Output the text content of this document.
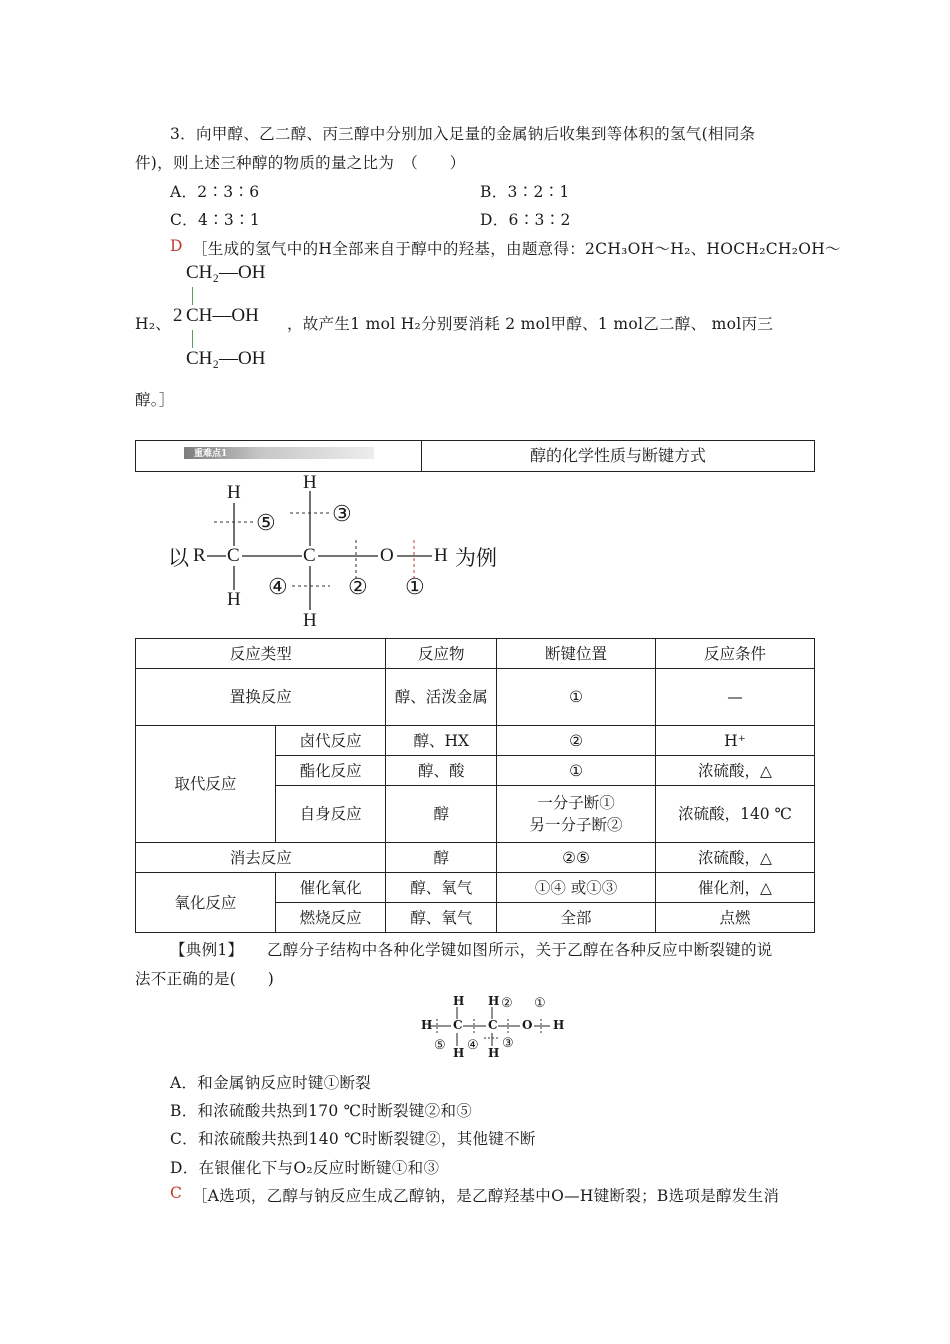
3．向甲醇、乙二醇、丙三醇中分别加入足量的金属钠后收集到等体积的氢气(相同条
件)，则上述三种醇的物质的量之比为　（　　）
A．2∶3∶6	B．3∶2∶1
C．4∶3∶1	D．6∶3∶2
D ［生成的氢气中的H全部来自于醇中的羟基，由题意得：2CH₃OH～H₂、HOCH₂CH₂OH～
H₂、
CH₂—OH
2 CH—OH
CH₂—OH
，故产生1 mol H₂分别要消耗 2 mol甲醇、1 mol乙二醇、 mol丙三
醇。］
重难点1	醇的化学性质与断键方式
以 R C	C	O H 为例
H
H
H
H
⑤	③
④	② ①
反应类型		反应物	断键位置	反应条件
置换反应		醇、活泼金属	①	—
取代反应	卤代反应	醇、HX	②	H⁺
	酯化反应	醇、酸	①	浓硫酸，△
	自身反应	醇	一分子断①
另一分子断②	浓硫酸，140 ℃
消去反应		醇	②⑤	浓硫酸，△
氧化反应	催化氧化	醇、氧气	①④ 或①③	催化剂，△
	燃烧反应	醇、氧气	全部	点燃
【典例1】 乙醇分子结构中各种化学键如图所示，关于乙醇在各种反应中断裂键的说
法不正确的是(　　)
H C C O H
H H
H H
①
②
③
④
⑤
A．和金属钠反应时键①断裂
B．和浓硫酸共热到170 ℃时断裂键②和⑤
C．和浓硫酸共热到140 ℃时断裂键②，其他键不断
D．在银催化下与O₂反应时断键①和③
C ［A选项，乙醇与钠反应生成乙醇钠，是乙醇羟基中O—H键断裂；B选项是醇发生消
